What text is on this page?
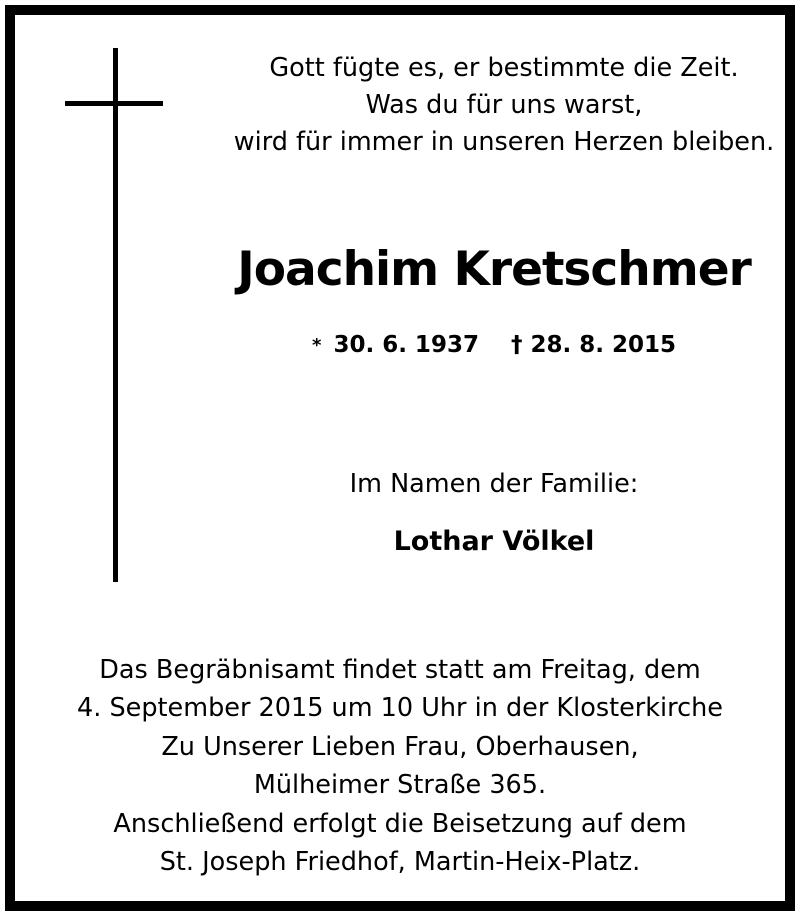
Gott fügte es, er bestimmte die Zeit.
Was du für uns warst,
wird für immer in unseren Herzen bleiben.
Joachim Kretschmer
* 30. 6. 1937 † 28. 8. 2015
Im Namen der Familie:
Lothar Völkel
Das Begräbnisamt findet statt am Freitag, dem
4. September 2015 um 10 Uhr in der Klosterkirche
Zu Unserer Lieben Frau, Oberhausen,
Mülheimer Straße 365.
Anschließend erfolgt die Beisetzung auf dem
St. Joseph Friedhof, Martin-Heix-Platz.
